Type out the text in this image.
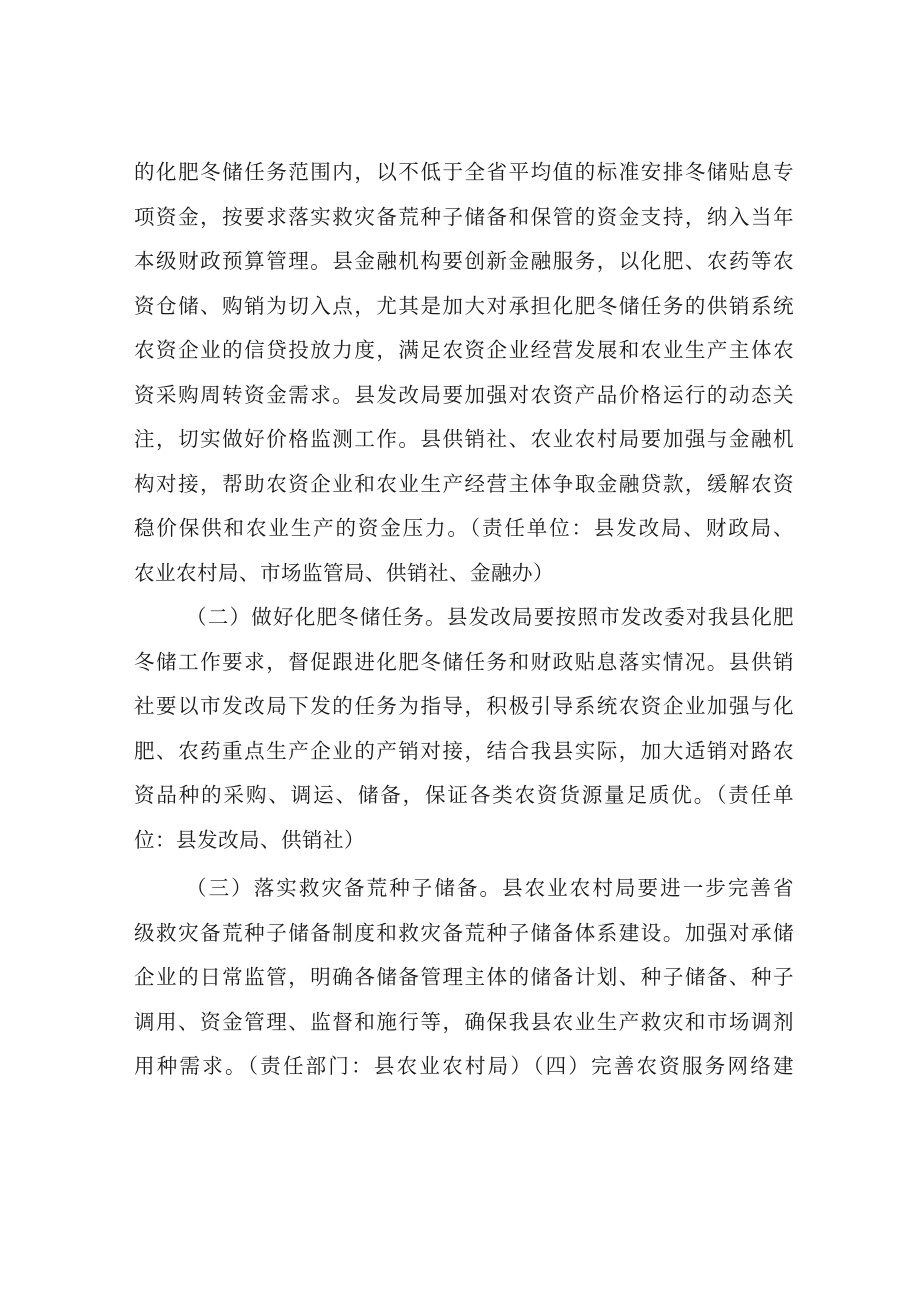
的化肥冬储任务范围内，以不低于全省平均值的标准安排冬储贴息专
项资金，按要求落实救灾备荒种子储备和保管的资金支持，纳入当年
本级财政预算管理。县金融机构要创新金融服务，以化肥、农药等农
资仓储、购销为切入点，尤其是加大对承担化肥冬储任务的供销系统
农资企业的信贷投放力度，满足农资企业经营发展和农业生产主体农
资采购周转资金需求。县发改局要加强对农资产品价格运行的动态关
注，切实做好价格监测工作。县供销社、农业农村局要加强与金融机
构对接，帮助农资企业和农业生产经营主体争取金融贷款，缓解农资
稳价保供和农业生产的资金压力。（责任单位：县发改局、财政局、
农业农村局、市场监管局、供销社、金融办）
（二）做好化肥冬储任务。县发改局要按照市发改委对我县化肥
冬储工作要求，督促跟进化肥冬储任务和财政贴息落实情况。县供销
社要以市发改局下发的任务为指导，积极引导系统农资企业加强与化
肥、农药重点生产企业的产销对接，结合我县实际，加大适销对路农
资品种的采购、调运、储备，保证各类农资货源量足质优。（责任单
位：县发改局、供销社）
（三）落实救灾备荒种子储备。县农业农村局要进一步完善省
级救灾备荒种子储备制度和救灾备荒种子储备体系建设。加强对承储
企业的日常监管，明确各储备管理主体的储备计划、种子储备、种子
调用、资金管理、监督和施行等，确保我县农业生产救灾和市场调剂
用种需求。（责任部门：县农业农村局）（四）完善农资服务网络建
